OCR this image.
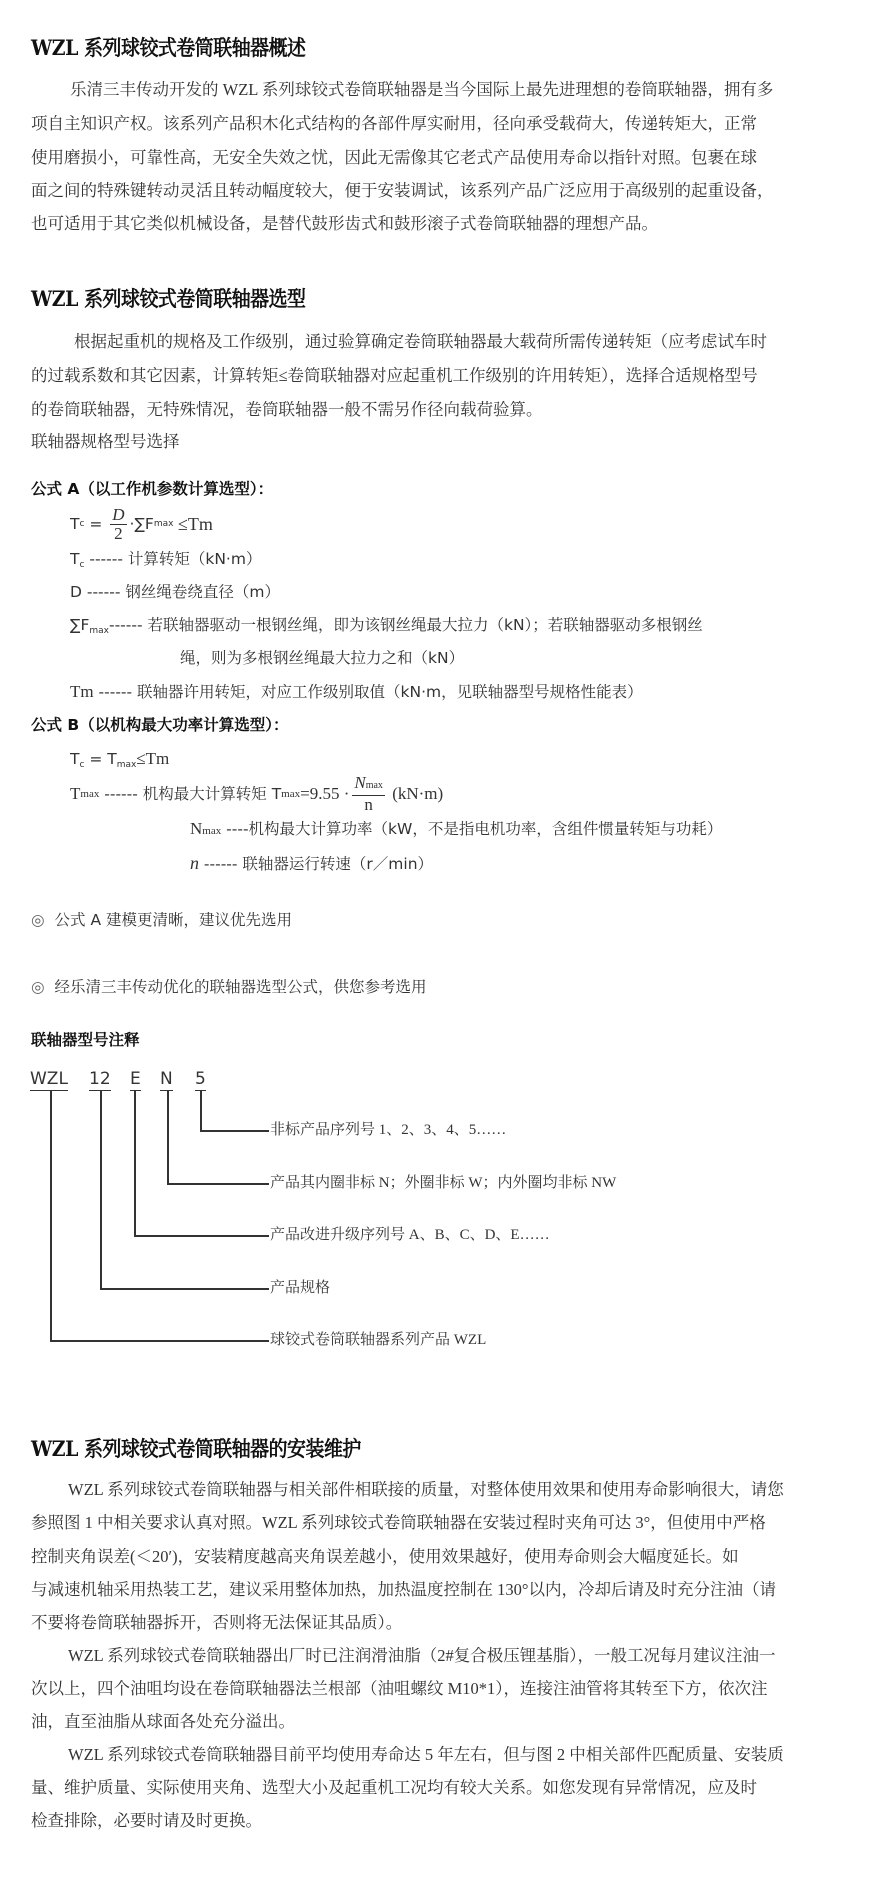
WZL 系列球铰式卷筒联轴器概述
乐清三丰传动开发的 WZL 系列球铰式卷筒联轴器是当今国际上最先进理想的卷筒联轴器，拥有多
项自主知识产权。该系列产品积木化式结构的各部件厚实耐用，径向承受载荷大，传递转矩大，正常
使用磨损小，可靠性高，无安全失效之忧，因此无需像其它老式产品使用寿命以指针对照。包裹在球
面之间的特殊键转动灵活且转动幅度较大，便于安装调试，该系列产品广泛应用于高级别的起重设备，
也可适用于其它类似机械设备，是替代鼓形齿式和鼓形滚子式卷筒联轴器的理想产品。
WZL 系列球铰式卷筒联轴器选型
根据起重机的规格及工作级别，通过验算确定卷筒联轴器最大载荷所需传递转矩（应考虑试车时
的过载系数和其它因素，计算转矩≤卷筒联轴器对应起重机工作级别的许用转矩），选择合适规格型号
的卷筒联轴器，无特殊情况，卷筒联轴器一般不需另作径向载荷验算。
联轴器规格型号选择
公式 A（以工作机参数计算选型）：
T $c = \frac{D}{2} \cdot\sum F$ max ≤Tm
$T_c$ ------ 计算转矩（kN·m）
D ------ 钢丝绳卷绕直径（m）
$\sum F_{max}------$ 若联轴器驱动一根钢丝绳，即为该钢丝绳最大拉力（kN）；若联轴器驱动多根钢丝
绳，则为多根钢丝绳最大拉力之和（kN）
Tm ------ 联轴器许用转矩，对应工作级别取值（kN·m，见联轴器型号规格性能表）
公式 B（以机构最大功率计算选型）：
$T_c = T_{max}\le Tm$
T max ------ 机构最大计算转矩 T $\max =9.55 \cdot \frac{Nmax}{n} (kN\cdot m)$
Nmax ----机构最大计算功率（kW，不是指电机功率，含组件惯量转矩与功耗）
n ------ 联轴器运行转速（r／min）
◎ 公式 A 建模更清晰，建议优先选用
◎ 经乐清三丰传动优化的联轴器选型公式，供您参考选用
联轴器型号注释
WZL 12 E N 5
非标产品序列号 1、2、3、4、5……
产品其内圈非标 N；外圈非标 W；内外圈均非标 NW
产品改进升级序列号 A、B、C、D、E……
产品规格
球铰式卷筒联轴器系列产品 WZL
WZL 系列球铰式卷筒联轴器的安装维护
WZL 系列球铰式卷筒联轴器与相关部件相联接的质量，对整体使用效果和使用寿命影响很大，请您
参照图 1 中相关要求认真对照。WZL 系列球铰式卷筒联轴器在安装过程时夹角可达 3°，但使用中严格
控制夹角误差(＜20′)，安装精度越高夹角误差越小，使用效果越好，使用寿命则会大幅度延长。如
与减速机轴采用热装工艺，建议采用整体加热，加热温度控制在 130°以内，冷却后请及时充分注油（请
不要将卷筒联轴器拆开，否则将无法保证其品质）。
WZL 系列球铰式卷筒联轴器出厂时已注润滑油脂（2#复合极压锂基脂），一般工况每月建议注油一
次以上，四个油咀均设在卷筒联轴器法兰根部（油咀螺纹 M10*1），连接注油管将其转至下方，依次注
油，直至油脂从球面各处充分溢出。
WZL 系列球铰式卷筒联轴器目前平均使用寿命达 5 年左右，但与图 2 中相关部件匹配质量、安装质
量、维护质量、实际使用夹角、选型大小及起重机工况均有较大关系。如您发现有异常情况，应及时
检查排除，必要时请及时更换。
